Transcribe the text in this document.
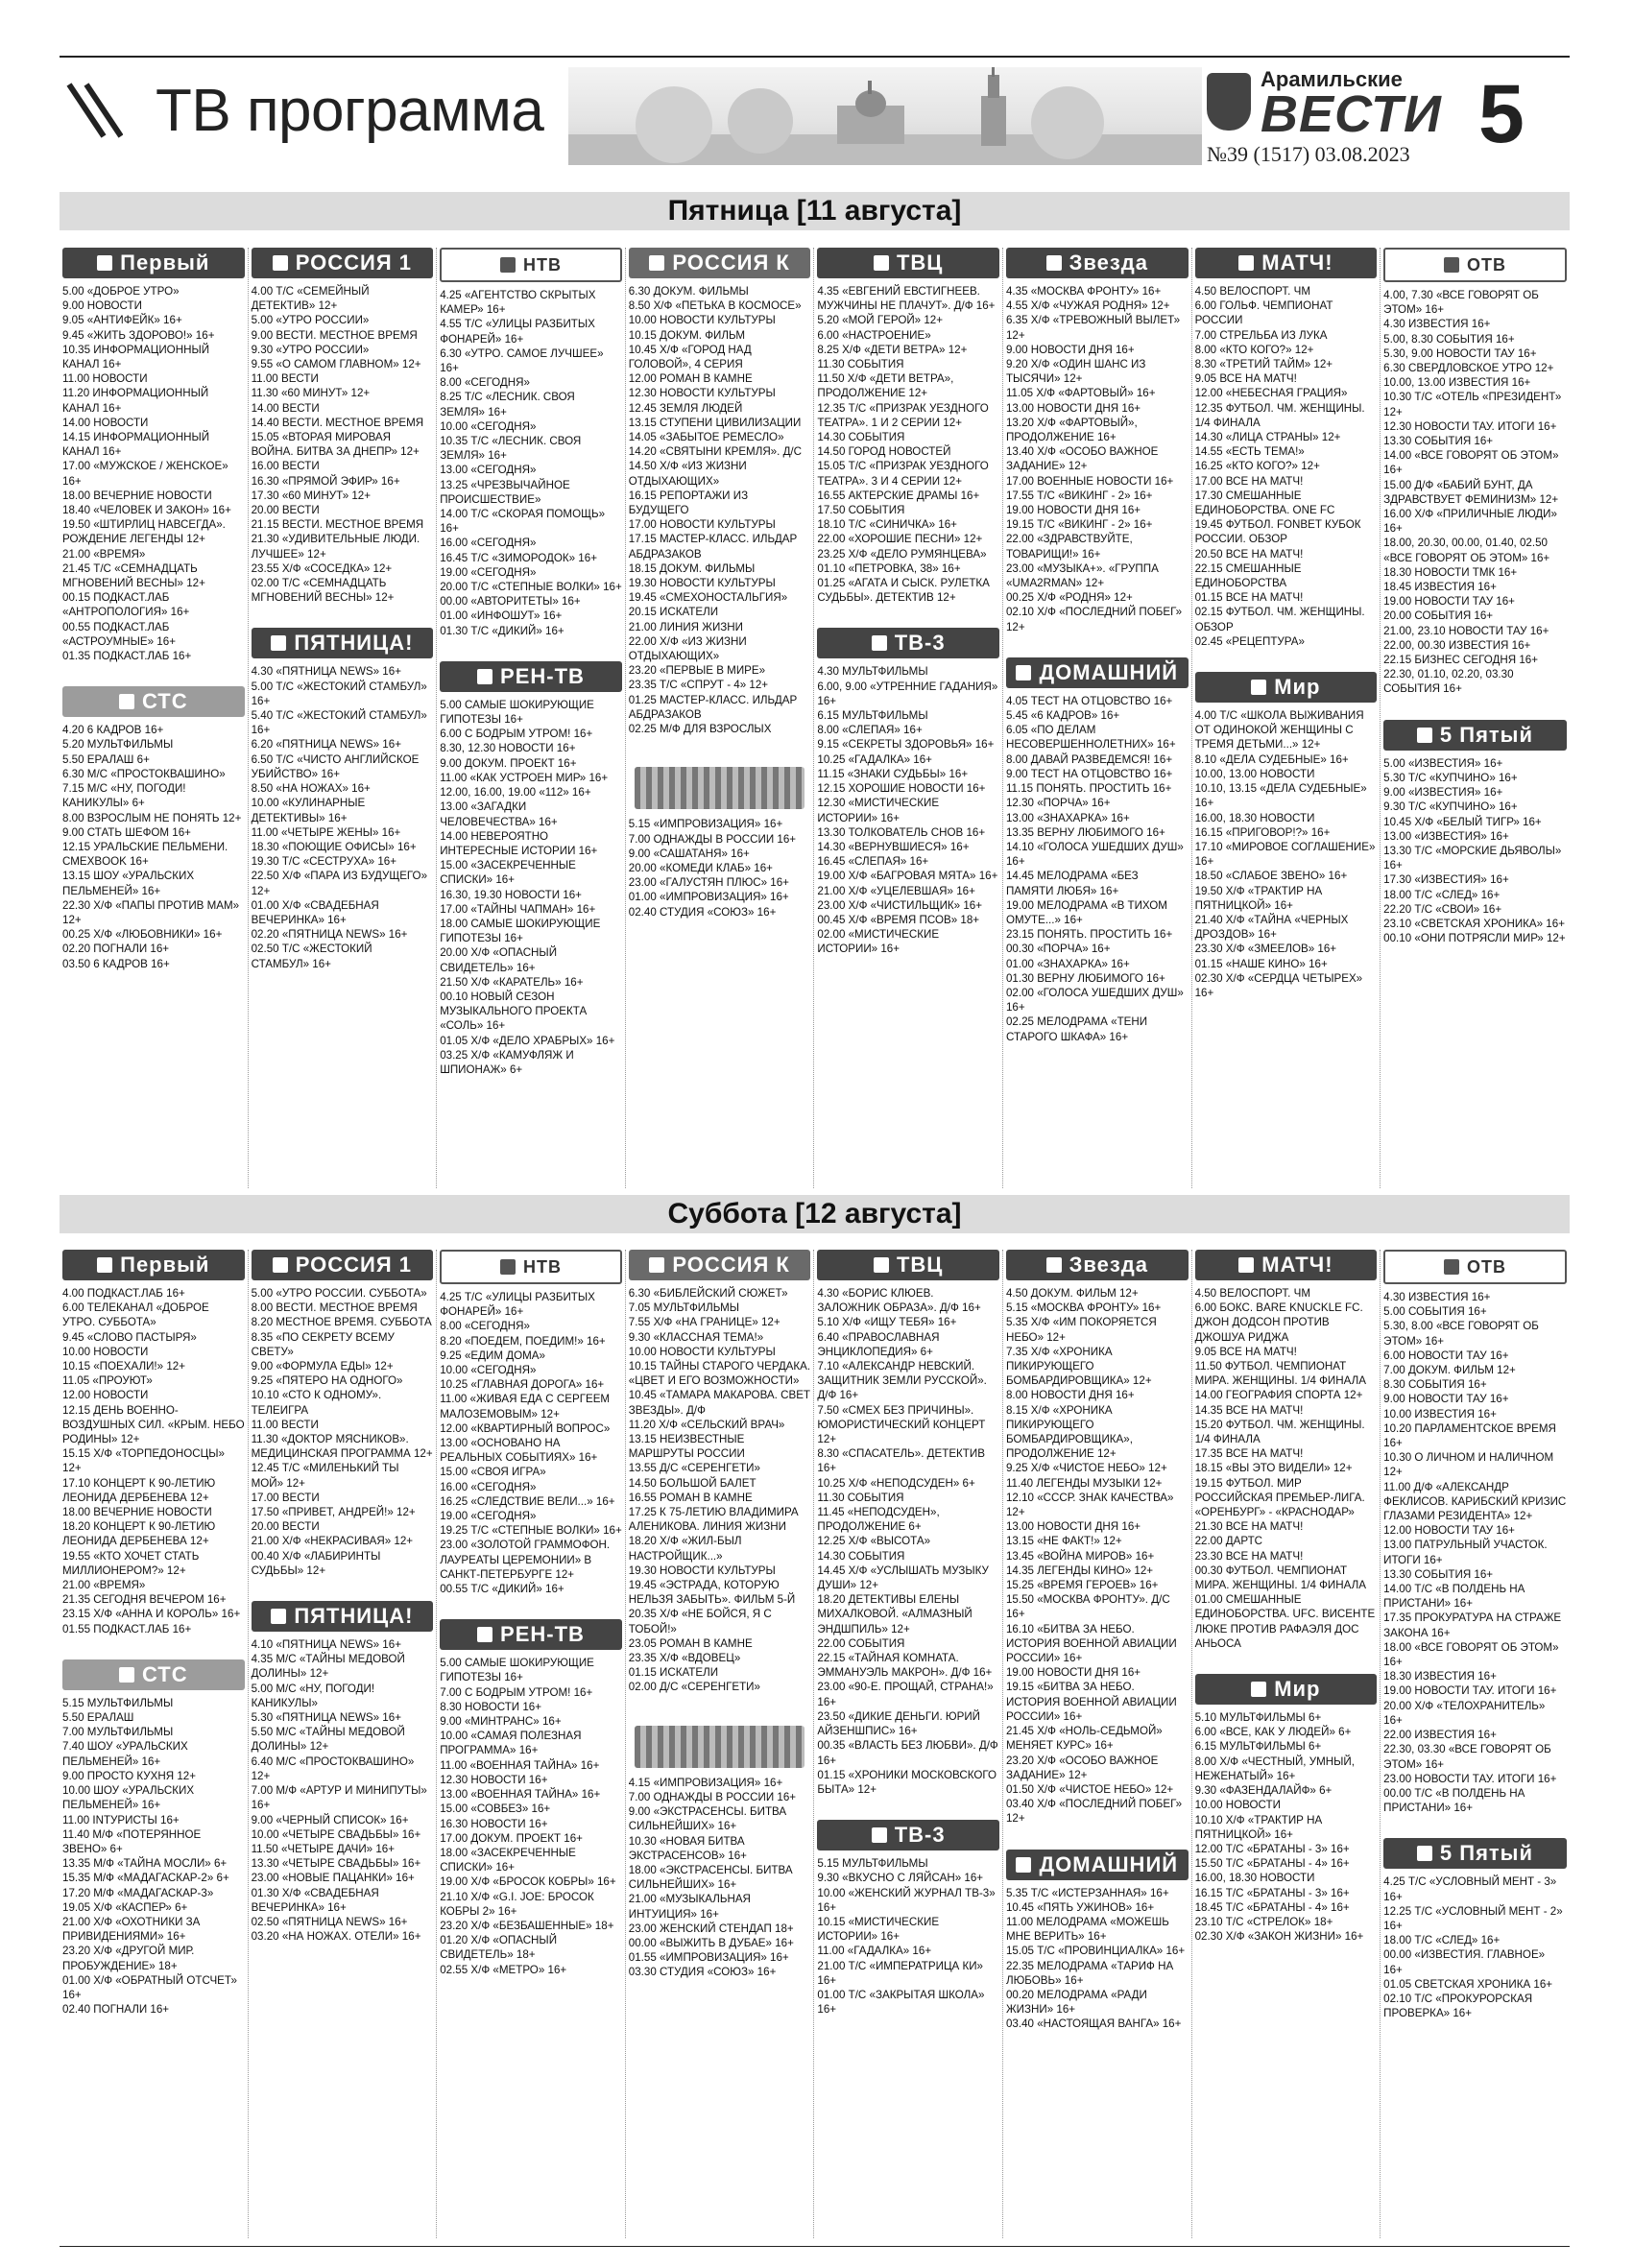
ТВ программа	Арамильские
ВЕСТИ
№39 (1517) 03.08.2023 5
Пятница [11 августа]
Первый

5.00 «ДОБРОЕ УТРО»

9.00 НОВОСТИ

9.05 «АНТИФЕЙК» 16+

9.45 «ЖИТЬ ЗДОРОВО!» 16+

10.35 ИНФОРМАЦИОННЫЙ КАНАЛ 16+

11.00 НОВОСТИ

11.20 ИНФОРМАЦИОННЫЙ КАНАЛ 16+

14.00 НОВОСТИ

14.15 ИНФОРМАЦИОННЫЙ КАНАЛ 16+

17.00 «МУЖСКОЕ / ЖЕНСКОЕ» 16+

18.00 ВЕЧЕРНИЕ НОВОСТИ

18.40 «ЧЕЛОВЕК И ЗАКОН» 16+

19.50 «ШТИРЛИЦ НАВСЕГДА». РОЖДЕНИЕ ЛЕГЕНДЫ 12+

21.00 «ВРЕМЯ»

21.45 Т/С «СЕМНАДЦАТЬ МГНОВЕНИЙ ВЕСНЫ» 12+

00.15 ПОДКАСТ.ЛАБ «АНТРОПОЛОГИЯ» 16+

00.55 ПОДКАСТ.ЛАБ «АСТРОУМНЫЕ» 16+

01.35 ПОДКАСТ.ЛАБ 16+

СТС

4.20 6 КАДРОВ 16+

5.20 МУЛЬТФИЛЬМЫ

5.50 ЕРАЛАШ 6+

6.30 М/С «ПРОСТОКВАШИНО»

7.15 М/С «НУ, ПОГОДИ! КАНИКУЛЫ» 6+

8.00 ВЗРОСЛЫМ НЕ ПОНЯТЬ 12+

9.00 СТАТЬ ШЕФОМ 16+

12.15 УРАЛЬСКИЕ ПЕЛЬМЕНИ. СМЕХBOOK 16+

13.15 ШОУ «УРАЛЬСКИХ ПЕЛЬМЕНЕЙ» 16+

22.30 Х/Ф «ПАПЫ ПРОТИВ МАМ» 12+

00.25 Х/Ф «ЛЮБОВНИКИ» 16+

02.20 ПОГНАЛИ 16+

03.50 6 КАДРОВ 16+

РОССИЯ 1

4.00 Т/С «СЕМЕЙНЫЙ ДЕТЕКТИВ» 12+

5.00 «УТРО РОССИИ»

9.00 ВЕСТИ. МЕСТНОЕ ВРЕМЯ

9.30 «УТРО РОССИИ»

9.55 «О САМОМ ГЛАВНОМ» 12+

11.00 ВЕСТИ

11.30 «60 МИНУТ» 12+

14.00 ВЕСТИ

14.40 ВЕСТИ. МЕСТНОЕ ВРЕМЯ

15.05 «ВТОРАЯ МИРОВАЯ ВОЙНА. БИТВА ЗА ДНЕПР» 12+

16.00 ВЕСТИ

16.30 «ПРЯМОЙ ЭФИР» 16+

17.30 «60 МИНУТ» 12+

20.00 ВЕСТИ

21.15 ВЕСТИ. МЕСТНОЕ ВРЕМЯ

21.30 «УДИВИТЕЛЬНЫЕ ЛЮДИ. ЛУЧШЕЕ» 12+

23.55 Х/Ф «СОСЕДКА» 12+

02.00 Т/С «СЕМНАДЦАТЬ МГНОВЕНИЙ ВЕСНЫ» 12+

ПЯТНИЦА!

4.30 «ПЯТНИЦА NEWS» 16+

5.00 Т/С «ЖЕСТОКИЙ СТАМБУЛ» 16+

5.40 Т/С «ЖЕСТОКИЙ СТАМБУЛ» 16+

6.20 «ПЯТНИЦА NEWS» 16+

6.50 Т/С «ЧИСТО АНГЛИЙСКОЕ УБИЙСТВО» 16+

8.50 «НА НОЖАХ» 16+

10.00 «КУЛИНАРНЫЕ ДЕТЕКТИВЫ» 16+

11.00 «ЧЕТЫРЕ ЖЕНЫ» 16+

18.30 «ПОЮЩИЕ ОФИСЫ» 16+

19.30 Т/С «СЕСТРУХА» 16+

22.50 Х/Ф «ПАРА ИЗ БУДУЩЕГО» 12+

01.00 Х/Ф «СВАДЕБНАЯ ВЕЧЕРИНКА» 16+

02.20 «ПЯТНИЦА NEWS» 16+

02.50 Т/С «ЖЕСТОКИЙ СТАМБУЛ» 16+

НТВ

4.25 «АГЕНТСТВО СКРЫТЫХ КАМЕР» 16+

4.55 Т/С «УЛИЦЫ РАЗБИТЫХ ФОНАРЕЙ» 16+

6.30 «УТРО. САМОЕ ЛУЧШЕЕ» 16+

8.00 «СЕГОДНЯ»

8.25 Т/С «ЛЕСНИК. СВОЯ ЗЕМЛЯ» 16+

10.00 «СЕГОДНЯ»

10.35 Т/С «ЛЕСНИК. СВОЯ ЗЕМЛЯ» 16+

13.00 «СЕГОДНЯ»

13.25 «ЧРЕЗВЫЧАЙНОЕ ПРОИСШЕСТВИЕ»

14.00 Т/С «СКОРАЯ ПОМОЩЬ» 16+

16.00 «СЕГОДНЯ»

16.45 Т/С «ЗИМОРОДОК» 16+

19.00 «СЕГОДНЯ»

20.00 Т/С «СТЕПНЫЕ ВОЛКИ» 16+

00.00 «АВТОРИТЕТЫ» 16+

01.00 «ИНФОШУТ» 16+

01.30 Т/С «ДИКИЙ» 16+

РЕН-ТВ

5.00 САМЫЕ ШОКИРУЮЩИЕ ГИПОТЕЗЫ 16+

6.00 С БОДРЫМ УТРОМ! 16+

8.30, 12.30 НОВОСТИ 16+

9.00 ДОКУМ. ПРОЕКТ 16+

11.00 «КАК УСТРОЕН МИР» 16+

12.00, 16.00, 19.00 «112» 16+

13.00 «ЗАГАДКИ ЧЕЛОВЕЧЕСТВА» 16+

14.00 НЕВЕРОЯТНО ИНТЕРЕСНЫЕ ИСТОРИИ 16+

15.00 «ЗАСЕКРЕЧЕННЫЕ СПИСКИ» 16+

16.30, 19.30 НОВОСТИ 16+

17.00 «ТАЙНЫ ЧАПМАН» 16+

18.00 САМЫЕ ШОКИРУЮЩИЕ ГИПОТЕЗЫ 16+

20.00 Х/Ф «ОПАСНЫЙ СВИДЕТЕЛЬ» 16+

21.50 Х/Ф «КАРАТЕЛЬ» 16+

00.10 НОВЫЙ СЕЗОН МУЗЫКАЛЬНОГО ПРОЕКТА «СОЛЬ» 16+

01.05 Х/Ф «ДЕЛО ХРАБРЫХ» 16+

03.25 Х/Ф «КАМУФЛЯЖ И ШПИОНАЖ» 6+

РОССИЯ К

6.30 ДОКУМ. ФИЛЬМЫ

8.50 Х/Ф «ПЕТЬКА В КОСМОСЕ»

10.00 НОВОСТИ КУЛЬТУРЫ

10.15 ДОКУМ. ФИЛЬМ

10.45 Х/Ф «ГОРОД НАД ГОЛОВОЙ», 4 СЕРИЯ

12.00 РОМАН В КАМНЕ

12.30 НОВОСТИ КУЛЬТУРЫ

12.45 ЗЕМЛЯ ЛЮДЕЙ

13.15 СТУПЕНИ ЦИВИЛИЗАЦИИ

14.05 «ЗАБЫТОЕ РЕМЕСЛО»

14.20 «СВЯТЫНИ КРЕМЛЯ». Д/С

14.50 Х/Ф «ИЗ ЖИЗНИ ОТДЫХАЮЩИХ»

16.15 РЕПОРТАЖИ ИЗ БУДУЩЕГО

17.00 НОВОСТИ КУЛЬТУРЫ

17.15 МАСТЕР-КЛАСС. ИЛЬДАР АБДРАЗАКОВ

18.15 ДОКУМ. ФИЛЬМЫ

19.30 НОВОСТИ КУЛЬТУРЫ

19.45 «СМЕХОНОСТАЛЬГИЯ»

20.15 ИСКАТЕЛИ

21.00 ЛИНИЯ ЖИЗНИ

22.00 Х/Ф «ИЗ ЖИЗНИ ОТДЫХАЮЩИХ»

23.20 «ПЕРВЫЕ В МИРЕ»

23.35 Т/С «СПРУТ - 4» 12+

01.25 МАСТЕР-КЛАСС. ИЛЬДАР АБДРАЗАКОВ

02.25 М/Ф ДЛЯ ВЗРОСЛЫХ

5.15 «ИМПРОВИЗАЦИЯ» 16+

7.00 ОДНАЖДЫ В РОССИИ 16+

9.00 «САШАТАНЯ» 16+

20.00 «КОМЕДИ КЛАБ» 16+

23.00 «ГАЛУСТЯН ПЛЮС» 16+

01.00 «ИМПРОВИЗАЦИЯ» 16+

02.40 СТУДИЯ «СОЮЗ» 16+

ТВЦ

4.35 «ЕВГЕНИЙ ЕВСТИГНЕЕВ. МУЖЧИНЫ НЕ ПЛАЧУТ». Д/Ф 16+

5.20 «МОЙ ГЕРОЙ» 12+

6.00 «НАСТРОЕНИЕ»

8.25 Х/Ф «ДЕТИ ВЕТРА» 12+

11.30 СОБЫТИЯ

11.50 Х/Ф «ДЕТИ ВЕТРА», ПРОДОЛЖЕНИЕ 12+

12.35 Т/С «ПРИЗРАК УЕЗДНОГО ТЕАТРА». 1 И 2 СЕРИИ 12+

14.30 СОБЫТИЯ

14.50 ГОРОД НОВОСТЕЙ

15.05 Т/С «ПРИЗРАК УЕЗДНОГО ТЕАТРА». 3 И 4 СЕРИИ 12+

16.55 АКТЕРСКИЕ ДРАМЫ 16+

17.50 СОБЫТИЯ

18.10 Т/С «СИНИЧКА» 16+

22.00 «ХОРОШИЕ ПЕСНИ» 12+

23.25 Х/Ф «ДЕЛО РУМЯНЦЕВА»

01.10 «ПЕТРОВКА, 38» 16+

01.25 «АГАТА И СЫСК. РУЛЕТКА СУДЬБЫ». ДЕТЕКТИВ 12+

ТВ-3

4.30 МУЛЬТФИЛЬМЫ

6.00, 9.00 «УТРЕННИЕ ГАДАНИЯ» 16+

6.15 МУЛЬТФИЛЬМЫ

8.00 «СЛЕПАЯ» 16+

9.15 «СЕКРЕТЫ ЗДОРОВЬЯ» 16+

10.25 «ГАДАЛКА» 16+

11.15 «ЗНАКИ СУДЬБЫ» 16+

12.15 ХОРОШИЕ НОВОСТИ 16+

12.30 «МИСТИЧЕСКИЕ ИСТОРИИ» 16+

13.30 ТОЛКОВАТЕЛЬ СНОВ 16+

14.30 «ВЕРНУВШИЕСЯ» 16+

16.45 «СЛЕПАЯ» 16+

19.00 Х/Ф «БАГРОВАЯ МЯТА» 16+

21.00 Х/Ф «УЦЕЛЕВШАЯ» 16+

23.00 Х/Ф «ЧИСТИЛЬЩИК» 16+

00.45 Х/Ф «ВРЕМЯ ПСОВ» 18+

02.00 «МИСТИЧЕСКИЕ ИСТОРИИ» 16+

Звезда

4.35 «МОСКВА ФРОНТУ» 16+

4.55 Х/Ф «ЧУЖАЯ РОДНЯ» 12+

6.35 Х/Ф «ТРЕВОЖНЫЙ ВЫЛЕТ» 12+

9.00 НОВОСТИ ДНЯ 16+

9.20 Х/Ф «ОДИН ШАНС ИЗ ТЫСЯЧИ» 12+

11.05 Х/Ф «ФАРТОВЫЙ» 16+

13.00 НОВОСТИ ДНЯ 16+

13.20 Х/Ф «ФАРТОВЫЙ», ПРОДОЛЖЕНИЕ 16+

13.40 Х/Ф «ОСОБО ВАЖНОЕ ЗАДАНИЕ» 12+

17.00 ВОЕННЫЕ НОВОСТИ 16+

17.55 Т/С «ВИКИНГ - 2» 16+

19.00 НОВОСТИ ДНЯ 16+

19.15 Т/С «ВИКИНГ - 2» 16+

22.00 «ЗДРАВСТВУЙТЕ, ТОВАРИЩИ!» 16+

23.00 «МУЗЫКА+». «ГРУППА «UMA2RMAN» 12+

00.25 Х/Ф «РОДНЯ» 12+

02.10 Х/Ф «ПОСЛЕДНИЙ ПОБЕГ» 12+

ДОМАШНИЙ

4.05 ТЕСТ НА ОТЦОВСТВО 16+

5.45 «6 КАДРОВ» 16+

6.05 «ПО ДЕЛАМ НЕСОВЕРШЕННОЛЕТНИХ» 16+

8.00 ДАВАЙ РАЗВЕДЕМСЯ! 16+

9.00 ТЕСТ НА ОТЦОВСТВО 16+

11.15 ПОНЯТЬ. ПРОСТИТЬ 16+

12.30 «ПОРЧА» 16+

13.00 «ЗНАХАРКА» 16+

13.35 ВЕРНУ ЛЮБИМОГО 16+

14.10 «ГОЛОСА УШЕДШИХ ДУШ» 16+

14.45 МЕЛОДРАМА «БЕЗ ПАМЯТИ ЛЮБЯ» 16+

19.00 МЕЛОДРАМА «В ТИХОМ ОМУТЕ...» 16+

23.15 ПОНЯТЬ. ПРОСТИТЬ 16+

00.30 «ПОРЧА» 16+

01.00 «ЗНАХАРКА» 16+

01.30 ВЕРНУ ЛЮБИМОГО 16+

02.00 «ГОЛОСА УШЕДШИХ ДУШ» 16+

02.25 МЕЛОДРАМА «ТЕНИ СТАРОГО ШКАФА» 16+

МАТЧ!

4.50 ВЕЛОСПОРТ. ЧМ

6.00 ГОЛЬФ. ЧЕМПИОНАТ РОССИИ

7.00 СТРЕЛЬБА ИЗ ЛУКА

8.00 «КТО КОГО?» 12+

8.30 «ТРЕТИЙ ТАЙМ» 12+

9.05 ВСЕ НА МАТЧ!

12.00 «НЕБЕСНАЯ ГРАЦИЯ»

12.35 ФУТБОЛ. ЧМ. ЖЕНЩИНЫ. 1/4 ФИНАЛА

14.30 «ЛИЦА СТРАНЫ» 12+

14.55 «ЕСТЬ ТЕМА!»

16.25 «КТО КОГО?» 12+

17.00 ВСЕ НА МАТЧ!

17.30 СМЕШАННЫЕ ЕДИНОБОРСТВА. ONE FC

19.45 ФУТБОЛ. FONBET КУБОК РОССИИ. ОБЗОР

20.50 ВСЕ НА МАТЧ!

22.15 СМЕШАННЫЕ ЕДИНОБОРСТВА

01.15 ВСЕ НА МАТЧ!

02.15 ФУТБОЛ. ЧМ. ЖЕНЩИНЫ. ОБЗОР

02.45 «РЕЦЕПТУРА»

Мир

4.00 Т/С «ШКОЛА ВЫЖИВАНИЯ ОТ ОДИНОКОЙ ЖЕНЩИНЫ С ТРЕМЯ ДЕТЬМИ...» 12+

8.10 «ДЕЛА СУДЕБНЫЕ» 16+

10.00, 13.00 НОВОСТИ

10.10, 13.15 «ДЕЛА СУДЕБНЫЕ» 16+

16.00, 18.30 НОВОСТИ

16.15 «ПРИГОВОР!?» 16+

17.10 «МИРОВОЕ СОГЛАШЕНИЕ» 16+

18.50 «СЛАБОЕ ЗВЕНО» 16+

19.50 Х/Ф «ТРАКТИР НА ПЯТНИЦКОЙ» 16+

21.40 Х/Ф «ТАЙНА «ЧЕРНЫХ ДРОЗДОВ» 16+

23.30 Х/Ф «ЗМЕЕЛОВ» 16+

01.15 «НАШЕ КИНО» 16+

02.30 Х/Ф «СЕРДЦА ЧЕТЫРЕХ» 16+

ОТВ

4.00, 7.30 «ВСЕ ГОВОРЯТ ОБ ЭТОМ» 16+

4.30 ИЗВЕСТИЯ 16+

5.00, 8.30 СОБЫТИЯ 16+

5.30, 9.00 НОВОСТИ ТАУ 16+

6.30 СВЕРДЛОВСКОЕ УТРО 12+

10.00, 13.00 ИЗВЕСТИЯ 16+

10.30 Т/С «ОТЕЛЬ «ПРЕЗИДЕНТ» 12+

12.30 НОВОСТИ ТАУ. ИТОГИ 16+

13.30 СОБЫТИЯ 16+

14.00 «ВСЕ ГОВОРЯТ ОБ ЭТОМ» 16+

15.00 Д/Ф «БАБИЙ БУНТ, ДА ЗДРАВСТВУЕТ ФЕМИНИЗМ» 12+

16.00 Х/Ф «ПРИЛИЧНЫЕ ЛЮДИ» 16+

18.00, 20.30, 00.00, 01.40, 02.50 «ВСЕ ГОВОРЯТ ОБ ЭТОМ» 16+

18.30 НОВОСТИ ТМК 16+

18.45 ИЗВЕСТИЯ 16+

19.00 НОВОСТИ ТАУ 16+

20.00 СОБЫТИЯ 16+

21.00, 23.10 НОВОСТИ ТАУ 16+

22.00, 00.30 ИЗВЕСТИЯ 16+

22.15 БИЗНЕС СЕГОДНЯ 16+

22.30, 01.10, 02.20, 03.30 СОБЫТИЯ 16+

5 Пятый

5.00 «ИЗВЕСТИЯ» 16+

5.30 Т/С «КУПЧИНО» 16+

9.00 «ИЗВЕСТИЯ» 16+

9.30 Т/С «КУПЧИНО» 16+

10.45 Х/Ф «БЕЛЫЙ ТИГР» 16+

13.00 «ИЗВЕСТИЯ» 16+

13.30 Т/С «МОРСКИЕ ДЬЯВОЛЫ» 16+

17.30 «ИЗВЕСТИЯ» 16+

18.00 Т/С «СЛЕД» 16+

22.20 Т/С «СВОИ» 16+

23.10 «СВЕТСКАЯ ХРОНИКА» 16+

00.10 «ОНИ ПОТРЯСЛИ МИР» 12+

Суббота [12 августа]
Первый

4.00 ПОДКАСТ.ЛАБ 16+

6.00 ТЕЛЕКАНАЛ «ДОБРОЕ УТРО. СУББОТА»

9.45 «СЛОВО ПАСТЫРЯ»

10.00 НОВОСТИ

10.15 «ПОЕХАЛИ!» 12+

11.05 «ПРОУЮТ»

12.00 НОВОСТИ

12.15 ДЕНЬ ВОЕННО-ВОЗДУШНЫХ СИЛ. «КРЫМ. НЕБО РОДИНЫ» 12+

15.15 Х/Ф «ТОРПЕДОНОСЦЫ» 12+

17.10 КОНЦЕРТ К 90-ЛЕТИЮ ЛЕОНИДА ДЕРБЕНЕВА 12+

18.00 ВЕЧЕРНИЕ НОВОСТИ

18.20 КОНЦЕРТ К 90-ЛЕТИЮ ЛЕОНИДА ДЕРБЕНЕВА 12+

19.55 «КТО ХОЧЕТ СТАТЬ МИЛЛИОНЕРОМ?» 12+

21.00 «ВРЕМЯ»

21.35 СЕГОДНЯ ВЕЧЕРОМ 16+

23.15 Х/Ф «АННА И КОРОЛЬ» 16+

01.55 ПОДКАСТ.ЛАБ 16+

СТС

5.15 МУЛЬТФИЛЬМЫ

5.50 ЕРАЛАШ

7.00 МУЛЬТФИЛЬМЫ

7.40 ШОУ «УРАЛЬСКИХ ПЕЛЬМЕНЕЙ» 16+

9.00 ПРОСТО КУХНЯ 12+

10.00 ШОУ «УРАЛЬСКИХ ПЕЛЬМЕНЕЙ» 16+

11.00 INТУРИСТЫ 16+

11.40 М/Ф «ПОТЕРЯННОЕ ЗВЕНО» 6+

13.35 М/Ф «ТАЙНА МОСЛИ» 6+

15.35 М/Ф «МАДАГАСКАР-2» 6+

17.20 М/Ф «МАДАГАСКАР-3»

19.05 Х/Ф «КАСПЕР» 6+

21.00 Х/Ф «ОХОТНИКИ ЗА ПРИВИДЕНИЯМИ» 16+

23.20 Х/Ф «ДРУГОЙ МИР. ПРОБУЖДЕНИЕ» 18+

01.00 Х/Ф «ОБРАТНЫЙ ОТСЧЕТ» 16+

02.40 ПОГНАЛИ 16+

РОССИЯ 1

5.00 «УТРО РОССИИ. СУББОТА»

8.00 ВЕСТИ. МЕСТНОЕ ВРЕМЯ

8.20 МЕСТНОЕ ВРЕМЯ. СУББОТА

8.35 «ПО СЕКРЕТУ ВСЕМУ СВЕТУ»

9.00 «ФОРМУЛА ЕДЫ» 12+

9.25 «ПЯТЕРО НА ОДНОГО»

10.10 «СТО К ОДНОМУ». ТЕЛЕИГРА

11.00 ВЕСТИ

11.30 «ДОКТОР МЯСНИКОВ». МЕДИЦИНСКАЯ ПРОГРАММА 12+

12.45 Т/С «МИЛЕНЬКИЙ ТЫ МОЙ» 12+

17.00 ВЕСТИ

17.50 «ПРИВЕТ, АНДРЕЙ!» 12+

20.00 ВЕСТИ

21.00 Х/Ф «НЕКРАСИВАЯ» 12+

00.40 Х/Ф «ЛАБИРИНТЫ СУДЬБЫ» 12+

ПЯТНИЦА!

4.10 «ПЯТНИЦА NEWS» 16+

4.35 М/С «ТАЙНЫ МЕДОВОЙ ДОЛИНЫ» 12+

5.00 М/С «НУ, ПОГОДИ! КАНИКУЛЫ»

5.30 «ПЯТНИЦА NEWS» 16+

5.50 М/С «ТАЙНЫ МЕДОВОЙ ДОЛИНЫ» 12+

6.40 М/С «ПРОСТОКВАШИНО» 12+

7.00 М/Ф «АРТУР И МИНИПУТЫ» 16+

9.00 «ЧЕРНЫЙ СПИСОК» 16+

10.00 «ЧЕТЫРЕ СВАДЬБЫ» 16+

11.50 «ЧЕТЫРЕ ДАЧИ» 16+

13.30 «ЧЕТЫРЕ СВАДЬБЫ» 16+

23.00 «НОВЫЕ ПАЦАНКИ» 16+

01.30 Х/Ф «СВАДЕБНАЯ ВЕЧЕРИНКА» 16+

02.50 «ПЯТНИЦА NEWS» 16+

03.20 «НА НОЖАХ. ОТЕЛИ» 16+

НТВ

4.25 Т/С «УЛИЦЫ РАЗБИТЫХ ФОНАРЕЙ» 16+

8.00 «СЕГОДНЯ»

8.20 «ПОЕДЕМ, ПОЕДИМ!» 16+

9.25 «ЕДИМ ДОМА»

10.00 «СЕГОДНЯ»

10.25 «ГЛАВНАЯ ДОРОГА» 16+

11.00 «ЖИВАЯ ЕДА С СЕРГЕЕМ МАЛОЗЕМОВЫМ» 12+

12.00 «КВАРТИРНЫЙ ВОПРОС»

13.00 «ОСНОВАНО НА РЕАЛЬНЫХ СОБЫТИЯХ» 16+

15.00 «СВОЯ ИГРА»

16.00 «СЕГОДНЯ»

16.25 «СЛЕДСТВИЕ ВЕЛИ...» 16+

19.00 «СЕГОДНЯ»

19.25 Т/С «СТЕПНЫЕ ВОЛКИ» 16+

23.00 «ЗОЛОТОЙ ГРАММОФОН. ЛАУРЕАТЫ ЦЕРЕМОНИИ» В САНКТ-ПЕТЕРБУРГЕ 12+

00.55 Т/С «ДИКИЙ» 16+

РЕН-ТВ

5.00 САМЫЕ ШОКИРУЮЩИЕ ГИПОТЕЗЫ 16+

7.00 С БОДРЫМ УТРОМ! 16+

8.30 НОВОСТИ 16+

9.00 «МИНТРАНС» 16+

10.00 «САМАЯ ПОЛЕЗНАЯ ПРОГРАММА» 16+

11.00 «ВОЕННАЯ ТАЙНА» 16+

12.30 НОВОСТИ 16+

13.00 «ВОЕННАЯ ТАЙНА» 16+

15.00 «СОВБЕЗ» 16+

16.30 НОВОСТИ 16+

17.00 ДОКУМ. ПРОЕКТ 16+

18.00 «ЗАСЕКРЕЧЕННЫЕ СПИСКИ» 16+

19.00 Х/Ф «БРОСОК КОБРЫ» 16+

21.10 Х/Ф «G.I. JOE: БРОСОК КОБРЫ 2» 16+

23.20 Х/Ф «БЕЗБАШЕННЫЕ» 18+

01.20 Х/Ф «ОПАСНЫЙ СВИДЕТЕЛЬ» 18+

02.55 Х/Ф «МЕТРО» 16+

РОССИЯ К

6.30 «БИБЛЕЙСКИЙ СЮЖЕТ»

7.05 МУЛЬТФИЛЬМЫ

7.55 Х/Ф «НА ГРАНИЦЕ» 12+

9.30 «КЛАССНАЯ ТЕМА!»

10.00 НОВОСТИ КУЛЬТУРЫ

10.15 ТАЙНЫ СТАРОГО ЧЕРДАКА. «ЦВЕТ И ЕГО ВОЗМОЖНОСТИ»

10.45 «ТАМАРА МАКАРОВА. СВЕТ ЗВЕЗДЫ». Д/Ф

11.20 Х/Ф «СЕЛЬСКИЙ ВРАЧ»

13.15 НЕИЗВЕСТНЫЕ МАРШРУТЫ РОССИИ

13.55 Д/С «СЕРЕНГЕТИ»

14.50 БОЛЬШОЙ БАЛЕТ

16.55 РОМАН В КАМНЕ

17.25 К 75-ЛЕТИЮ ВЛАДИМИРА АЛЕНИКОВА. ЛИНИЯ ЖИЗНИ

18.20 Х/Ф «ЖИЛ-БЫЛ НАСТРОЙЩИК...»

19.30 НОВОСТИ КУЛЬТУРЫ

19.45 «ЭСТРАДА, КОТОРУЮ НЕЛЬЗЯ ЗАБЫТЬ». ФИЛЬМ 5-Й

20.35 Х/Ф «НЕ БОЙСЯ, Я С ТОБОЙ!»

23.05 РОМАН В КАМНЕ

23.35 Х/Ф «ВДОВЕЦ»

01.15 ИСКАТЕЛИ

02.00 Д/С «СЕРЕНГЕТИ»

4.15 «ИМПРОВИЗАЦИЯ» 16+

7.00 ОДНАЖДЫ В РОССИИ 16+

9.00 «ЭКСТРАСЕНСЫ. БИТВА СИЛЬНЕЙШИХ» 16+

10.30 «НОВАЯ БИТВА ЭКСТРАСЕНСОВ» 16+

18.00 «ЭКСТРАСЕНСЫ. БИТВА СИЛЬНЕЙШИХ» 16+

21.00 «МУЗЫКАЛЬНАЯ ИНТУИЦИЯ» 16+

23.00 ЖЕНСКИЙ СТЕНДАП 18+

00.00 «ВЫЖИТЬ В ДУБАЕ» 16+

01.55 «ИМПРОВИЗАЦИЯ» 16+

03.30 СТУДИЯ «СОЮЗ» 16+

ТВЦ

4.30 «БОРИС КЛЮЕВ. ЗАЛОЖНИК ОБРАЗА». Д/Ф 16+

5.10 Х/Ф «ИЩУ ТЕБЯ» 16+

6.40 «ПРАВОСЛАВНАЯ ЭНЦИКЛОПЕДИЯ» 6+

7.10 «АЛЕКСАНДР НЕВСКИЙ. ЗАЩИТНИК ЗЕМЛИ РУССКОЙ». Д/Ф 16+

7.50 «СМЕХ БЕЗ ПРИЧИНЫ». ЮМОРИСТИЧЕСКИЙ КОНЦЕРТ 12+

8.30 «СПАСАТЕЛЬ». ДЕТЕКТИВ 16+

10.25 Х/Ф «НЕПОДСУДЕН» 6+

11.30 СОБЫТИЯ

11.45 «НЕПОДСУДЕН», ПРОДОЛЖЕНИЕ 6+

12.25 Х/Ф «ВЫСОТА»

14.30 СОБЫТИЯ

14.45 Х/Ф «УСЛЫШАТЬ МУЗЫКУ ДУШИ» 12+

18.20 ДЕТЕКТИВЫ ЕЛЕНЫ МИХАЛКОВОЙ. «АЛМАЗНЫЙ ЭНДШПИЛЬ» 12+

22.00 СОБЫТИЯ

22.15 «ТАЙНАЯ КОМНАТА. ЭММАНУЭЛЬ МАКРОН». Д/Ф 16+

23.00 «90-Е. ПРОЩАЙ, СТРАНА!» 16+

23.50 «ДИКИЕ ДЕНЬГИ. ЮРИЙ АЙЗЕНШПИС» 16+

00.35 «ВЛАСТЬ БЕЗ ЛЮБВИ». Д/Ф 16+

01.15 «ХРОНИКИ МОСКОВСКОГО БЫТА» 12+

ТВ-3

5.15 МУЛЬТФИЛЬМЫ

9.30 «ВКУСНО С ЛЯЙСАН» 16+

10.00 «ЖЕНСКИЙ ЖУРНАЛ ТВ-3» 16+

10.15 «МИСТИЧЕСКИЕ ИСТОРИИ» 16+

11.00 «ГАДАЛКА» 16+

21.00 Т/С «ИМПЕРАТРИЦА КИ» 16+

01.00 Т/С «ЗАКРЫТАЯ ШКОЛА» 16+

Звезда

4.50 ДОКУМ. ФИЛЬМ 12+

5.15 «МОСКВА ФРОНТУ» 16+

5.35 Х/Ф «ИМ ПОКОРЯЕТСЯ НЕБО» 12+

7.35 Х/Ф «ХРОНИКА ПИКИРУЮЩЕГО БОМБАРДИРОВЩИКА» 12+

8.00 НОВОСТИ ДНЯ 16+

8.15 Х/Ф «ХРОНИКА ПИКИРУЮЩЕГО БОМБАРДИРОВЩИКА», ПРОДОЛЖЕНИЕ 12+

9.25 Х/Ф «ЧИСТОЕ НЕБО» 12+

11.40 ЛЕГЕНДЫ МУЗЫКИ 12+

12.10 «СССР. ЗНАК КАЧЕСТВА» 12+

13.00 НОВОСТИ ДНЯ 16+

13.15 «НЕ ФАКТ!» 12+

13.45 «ВОЙНА МИРОВ» 16+

14.35 ЛЕГЕНДЫ КИНО» 12+

15.25 «ВРЕМЯ ГЕРОЕВ» 16+

15.50 «МОСКВА ФРОНТУ». Д/С 16+

16.10 «БИТВА ЗА НЕБО. ИСТОРИЯ ВОЕННОЙ АВИАЦИИ РОССИИ» 16+

19.00 НОВОСТИ ДНЯ 16+

19.15 «БИТВА ЗА НЕБО. ИСТОРИЯ ВОЕННОЙ АВИАЦИИ РОССИИ» 16+

21.45 Х/Ф «НОЛЬ-СЕДЬМОЙ» МЕНЯЕТ КУРС» 16+

23.20 Х/Ф «ОСОБО ВАЖНОЕ ЗАДАНИЕ» 12+

01.50 Х/Ф «ЧИСТОЕ НЕБО» 12+

03.40 Х/Ф «ПОСЛЕДНИЙ ПОБЕГ» 12+

ДОМАШНИЙ

5.35 Т/С «ИСТЕРЗАННАЯ» 16+

10.45 «ПЯТЬ УЖИНОВ» 16+

11.00 МЕЛОДРАМА «МОЖЕШЬ МНЕ ВЕРИТЬ» 16+

15.05 Т/С «ПРОВИНЦИАЛКА» 16+

22.35 МЕЛОДРАМА «ТАРИФ НА ЛЮБОВЬ» 16+

00.20 МЕЛОДРАМА «РАДИ ЖИЗНИ» 16+

03.40 «НАСТОЯЩАЯ ВАНГА» 16+

МАТЧ!

4.50 ВЕЛОСПОРТ. ЧМ

6.00 БОКС. BARE KNUCKLE FC. ДЖОН ДОДСОН ПРОТИВ ДЖОШУА РИДЖА

9.05 ВСЕ НА МАТЧ!

11.50 ФУТБОЛ. ЧЕМПИОНАТ МИРА. ЖЕНЩИНЫ. 1/4 ФИНАЛА

14.00 ГЕОГРАФИЯ СПОРТА 12+

14.35 ВСЕ НА МАТЧ!

15.20 ФУТБОЛ. ЧМ. ЖЕНЩИНЫ. 1/4 ФИНАЛА

17.35 ВСЕ НА МАТЧ!

18.15 «ВЫ ЭТО ВИДЕЛИ» 12+

19.15 ФУТБОЛ. МИР РОССИЙСКАЯ ПРЕМЬЕР-ЛИГА. «ОРЕНБУРГ» - «КРАСНОДАР»

21.30 ВСЕ НА МАТЧ!

22.00 ДАРТС

23.30 ВСЕ НА МАТЧ!

00.30 ФУТБОЛ. ЧЕМПИОНАТ МИРА. ЖЕНЩИНЫ. 1/4 ФИНАЛА

01.00 СМЕШАННЫЕ ЕДИНОБОРСТВА. UFC. ВИСЕНТЕ ЛЮКЕ ПРОТИВ РАФАЭЛЯ ДОС АНЬОСА

Мир

5.10 МУЛЬТФИЛЬМЫ 6+

6.00 «ВСЕ, КАК У ЛЮДЕЙ» 6+

6.15 МУЛЬТФИЛЬМЫ 6+

8.00 Х/Ф «ЧЕСТНЫЙ, УМНЫЙ, НЕЖЕНАТЫЙ» 16+

9.30 «ФАЗЕНДАЛАЙФ» 6+

10.00 НОВОСТИ

10.10 Х/Ф «ТРАКТИР НА ПЯТНИЦКОЙ» 16+

12.00 Т/С «БРАТАНЫ - 3» 16+

15.50 Т/С «БРАТАНЫ - 4» 16+

16.00, 18.30 НОВОСТИ

16.15 Т/С «БРАТАНЫ - 3» 16+

18.45 Т/С «БРАТАНЫ - 4» 16+

23.10 Т/С «СТРЕЛОК» 18+

02.30 Х/Ф «ЗАКОН ЖИЗНИ» 16+

ОТВ

4.30 ИЗВЕСТИЯ 16+

5.00 СОБЫТИЯ 16+

5.30, 8.00 «ВСЕ ГОВОРЯТ ОБ ЭТОМ» 16+

6.00 НОВОСТИ ТАУ 16+

7.00 ДОКУМ. ФИЛЬМ 12+

8.30 СОБЫТИЯ 16+

9.00 НОВОСТИ ТАУ 16+

10.00 ИЗВЕСТИЯ 16+

10.20 ПАРЛАМЕНТСКОЕ ВРЕМЯ 16+

10.30 О ЛИЧНОМ И НАЛИЧНОМ 12+

11.00 Д/Ф «АЛЕКСАНДР ФЕКЛИСОВ. КАРИБСКИЙ КРИЗИС ГЛАЗАМИ РЕЗИДЕНТА» 12+

12.00 НОВОСТИ ТАУ 16+

13.00 ПАТРУЛЬНЫЙ УЧАСТОК. ИТОГИ 16+

13.30 СОБЫТИЯ 16+

14.00 Т/С «В ПОЛДЕНЬ НА ПРИСТАНИ» 16+

17.35 ПРОКУРАТУРА НА СТРАЖЕ ЗАКОНА 16+

18.00 «ВСЕ ГОВОРЯТ ОБ ЭТОМ» 16+

18.30 ИЗВЕСТИЯ 16+

19.00 НОВОСТИ ТАУ. ИТОГИ 16+

20.00 Х/Ф «ТЕЛОХРАНИТЕЛЬ» 16+

22.00 ИЗВЕСТИЯ 16+

22.30, 03.30 «ВСЕ ГОВОРЯТ ОБ ЭТОМ» 16+

23.00 НОВОСТИ ТАУ. ИТОГИ 16+

00.00 Т/С «В ПОЛДЕНЬ НА ПРИСТАНИ» 16+

5 Пятый

4.25 Т/С «УСЛОВНЫЙ МЕНТ - 3» 16+

12.25 Т/С «УСЛОВНЫЙ МЕНТ - 2» 16+

18.00 Т/С «СЛЕД» 16+

00.00 «ИЗВЕСТИЯ. ГЛАВНОЕ» 16+

01.05 СВЕТСКАЯ ХРОНИКА 16+

02.10 Т/С «ПРОКУРОРСКАЯ ПРОВЕРКА» 16+
